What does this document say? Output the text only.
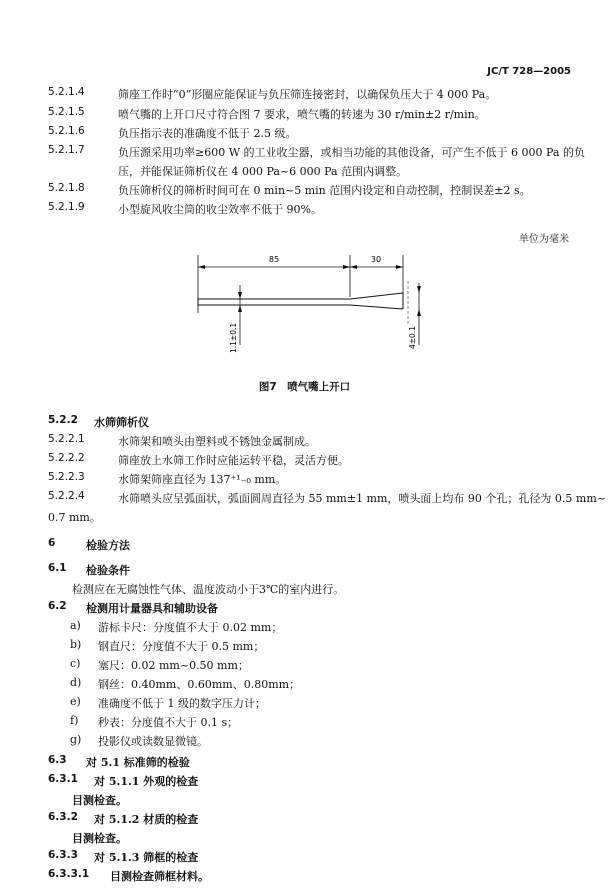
JC/T 728—2005
5.2.1.4	筛座工作时“0”形圈应能保证与负压筛连接密封，以确保负压大于 4 000 Pa。
5.2.1.5	喷气嘴的上开口尺寸符合图 7 要求，喷气嘴的转速为 30 r/min±2 r/min。
5.2.1.6	负压指示表的准确度不低于 2.5 级。
5.2.1.7	负压源采用功率≥600 W 的工业收尘器，或相当功能的其他设备，可产生不低于 6 000 Pa 的负
压，并能保证筛析仪在 4 000 Pa~6 000 Pa 范围内调整。
5.2.1.8	负压筛析仪的筛析时间可在 0 min~5 min 范围内设定和自动控制，控制误差±2 s。
5.2.1.9	小型旋风收尘筒的收尘效率不低于 90%。
单位为毫米
85	30
1.1±0.1	4±0.1
图7　喷气嘴上开口
5.2.2	水筛筛析仪
5.2.2.1	水筛架和喷头由塑料或不锈蚀金属制成。
5.2.2.2	筛座放上水筛工作时应能运转平稳，灵活方便。
5.2.2.3	水筛架筛座直径为 137⁺¹₋₀ mm。
5.2.2.4	水筛喷头应呈弧面状，弧面圆周直径为 55 mm±1 mm，喷头面上均布 90 个孔；孔径为 0.5 mm~
0.7 mm。
6	检验方法
6.1	检验条件
检测应在无腐蚀性气体、温度波动小于3℃的室内进行。
6.2	检测用计量器具和辅助设备
a)	游标卡尺：分度值不大于 0.02 mm；
b)	钢直尺：分度值不大于 0.5 mm；
c)	塞尺：0.02 mm~0.50 mm；
d)	钢丝：0.40mm、0.60mm、0.80mm；
e)	准确度不低于 1 级的数字压力计；
f)	秒表：分度值不大于 0.1 s；
g)	投影仪或读数显微镜。
6.3	对 5.1 标准筛的检验
6.3.1	对 5.1.1 外观的检查
目测检查。
6.3.2	对 5.1.2 材质的检查
目测检查。
6.3.3	对 5.1.3 筛框的检查
6.3.3.1	目测检查筛框材料。
